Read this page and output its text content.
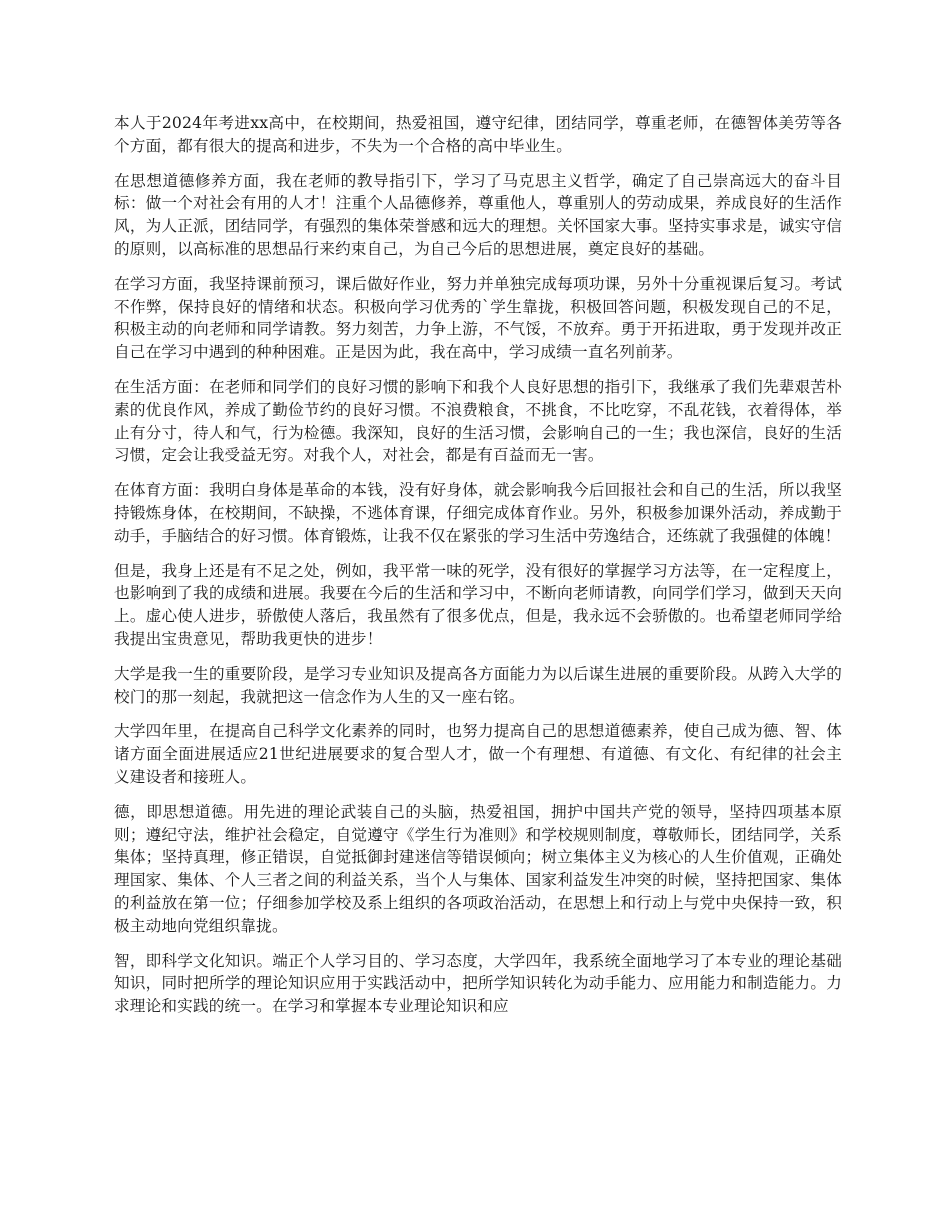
本人于2024年考进xx高中，在校期间，热爱祖国，遵守纪律，团结同学，尊重老师，在德智体美劳等各个方面，都有很大的提高和进步，不失为一个合格的高中毕业生。

在思想道德修养方面，我在老师的教导指引下，学习了马克思主义哲学，确定了自己崇高远大的奋斗目标：做一个对社会有用的人才！注重个人品德修养，尊重他人，尊重别人的劳动成果，养成良好的生活作风，为人正派，团结同学，有强烈的集体荣誉感和远大的理想。关怀国家大事。坚持实事求是，诚实守信的原则，以高标准的思想品行来约束自己，为自己今后的思想进展，奠定良好的基础。

在学习方面，我坚持课前预习，课后做好作业，努力并单独完成每项功课，另外十分重视课后复习。考试不作弊，保持良好的情绪和状态。积极向学习优秀的`学生靠拢，积极回答问题，积极发现自己的不足，积极主动的向老师和同学请教。努力刻苦，力争上游，不气馁，不放弃。勇于开拓进取，勇于发现并改正自己在学习中遇到的种种困难。正是因为此，我在高中，学习成绩一直名列前茅。

在生活方面：在老师和同学们的良好习惯的影响下和我个人良好思想的指引下，我继承了我们先辈艰苦朴素的优良作风，养成了勤俭节约的良好习惯。不浪费粮食，不挑食，不比吃穿，不乱花钱，衣着得体，举止有分寸，待人和气，行为检德。我深知，良好的生活习惯，会影响自己的一生；我也深信，良好的生活习惯，定会让我受益无穷。对我个人，对社会，都是有百益而无一害。

在体育方面：我明白身体是革命的本钱，没有好身体，就会影响我今后回报社会和自己的生活，所以我坚持锻炼身体，在校期间，不缺操，不逃体育课，仔细完成体育作业。另外，积极参加课外活动，养成勤于动手，手脑结合的好习惯。体育锻炼，让我不仅在紧张的学习生活中劳逸结合，还练就了我强健的体魄！

但是，我身上还是有不足之处，例如，我平常一味的死学，没有很好的掌握学习方法等，在一定程度上，也影响到了我的成绩和进展。我要在今后的生活和学习中，不断向老师请教，向同学们学习，做到天天向上。虚心使人进步，骄傲使人落后，我虽然有了很多优点，但是，我永远不会骄傲的。也希望老师同学给我提出宝贵意见，帮助我更快的进步！

大学是我一生的重要阶段，是学习专业知识及提高各方面能力为以后谋生进展的重要阶段。从跨入大学的校门的那一刻起，我就把这一信念作为人生的又一座右铭。

大学四年里，在提高自己科学文化素养的同时，也努力提高自己的思想道德素养，使自己成为德、智、体诸方面全面进展适应21世纪进展要求的复合型人才，做一个有理想、有道德、有文化、有纪律的社会主义建设者和接班人。

德，即思想道德。用先进的理论武装自己的头脑，热爱祖国，拥护中国共产党的领导，坚持四项基本原则；遵纪守法，维护社会稳定，自觉遵守《学生行为准则》和学校规则制度，尊敬师长，团结同学，关系集体；坚持真理，修正错误，自觉抵御封建迷信等错误倾向；树立集体主义为核心的人生价值观，正确处理国家、集体、个人三者之间的利益关系，当个人与集体、国家利益发生冲突的时候，坚持把国家、集体的利益放在第一位；仔细参加学校及系上组织的各项政治活动，在思想上和行动上与党中央保持一致，积极主动地向党组织靠拢。

智，即科学文化知识。端正个人学习目的、学习态度，大学四年，我系统全面地学习了本专业的理论基础知识，同时把所学的理论知识应用于实践活动中，把所学知识转化为动手能力、应用能力和制造能力。力求理论和实践的统一。在学习和掌握本专业理论知识和应
